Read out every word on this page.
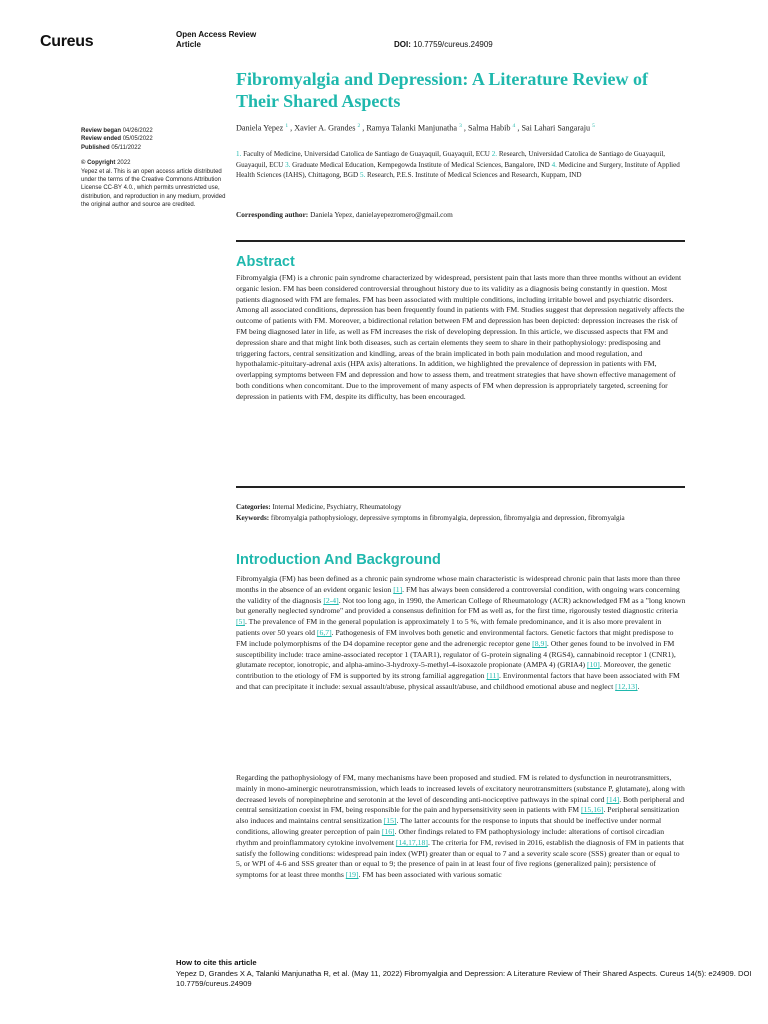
Cureus	Open Access Review
Article	DOI: 10.7759/cureus.24909
Review began 04/26/2022
Review ended 05/05/2022
Published 05/11/2022
© Copyright 2022
Yepez et al. This is an open access article distributed under the terms of the Creative Commons Attribution License CC-BY 4.0., which permits unrestricted use, distribution, and reproduction in any medium, provided the original author and source are credited.
Fibromyalgia and Depression: A Literature Review of Their Shared Aspects
Daniela Yepez $^1$ , Xavier A. Grandes $^2$ , Ramya Talanki Manjunatha $^3$ , Salma Habib $^4$ , Sai Lahari Sangaraju $^5$
1. Faculty of Medicine, Universidad Catolica de Santiago de Guayaquil, Guayaquil, ECU 2. Research, Universidad Catolica de Santiago de Guayaquil, Guayaquil, ECU 3. Graduate Medical Education, Kempegowda Institute of Medical Sciences, Bangalore, IND 4. Medicine and Surgery, Institute of Applied Health Sciences (IAHS), Chittagong, BGD 5. Research, P.E.S. Institute of Medical Sciences and Research, Kuppam, IND
Corresponding author: Daniela Yepez, danielayepezromero@gmail.com
Abstract

Fibromyalgia (FM) is a chronic pain syndrome characterized by widespread, persistent pain that lasts more than three months without an evident organic lesion. FM has been considered controversial throughout history due to its validity as a diagnosis being constantly in question. Most patients diagnosed with FM are females. FM has been associated with multiple conditions, including irritable bowel and psychiatric disorders. Among all associated conditions, depression has been frequently found in patients with FM. Studies suggest that depression negatively affects the outcome of patients with FM. Moreover, a bidirectional relation between FM and depression has been depicted: depression increases the risk of FM being diagnosed later in life, as well as FM increases the risk of developing depression. In this article, we discussed aspects that FM and depression share and that might link both diseases, such as certain elements they seem to share in their pathophysiology: predisposing and triggering factors, central sensitization and kindling, areas of the brain implicated in both pain modulation and mood regulation, and hypothalamic-pituitary-adrenal axis (HPA axis) alterations. In addition, we highlighted the prevalence of depression in patients with FM, overlapping symptoms between FM and depression and how to assess them, and treatment strategies that have shown effective management of both conditions when concomitant. Due to the improvement of many aspects of FM when depression is appropriately targeted, screening for depression in patients with FM, despite its difficulty, has been encouraged.

Categories: Internal Medicine, Psychiatry, Rheumatology
Keywords: fibromyalgia pathophysiology, depressive symptoms in fibromyalgia, depression, fibromyalgia and depression, fibromyalgia
Introduction And Background

Fibromyalgia (FM) has been defined as a chronic pain syndrome whose main characteristic is widespread chronic pain that lasts more than three months in the absence of an evident organic lesion [1]. FM has always been considered a controversial condition, with ongoing wars concerning the validity of the diagnosis [2-4]. Not too long ago, in 1990, the American College of Rheumatology (ACR) acknowledged FM as a "long known but generally neglected syndrome" and provided a consensus definition for FM as well as, for the first time, rigorously tested diagnostic criteria [5]. The prevalence of FM in the general population is approximately 1 to 5 %, with female predominance, and it is also more prevalent in patients over 50 years old [6,7]. Pathogenesis of FM involves both genetic and environmental factors. Genetic factors that might predispose to FM include polymorphisms of the D4 dopamine receptor gene and the adrenergic receptor gene [8,9]. Other genes found to be involved in FM susceptibility include: trace amine-associated receptor 1 (TAAR1), regulator of G-protein signaling 4 (RGS4), cannabinoid receptor 1 (CNR1), glutamate receptor, ionotropic, and alpha-amino-3-hydroxy-5-methyl-4-isoxazole propionate (AMPA 4) (GRIA4) [10]. Moreover, the genetic contribution to the etiology of FM is supported by its strong familial aggregation [11]. Environmental factors that have been associated with FM and that can precipitate it include: sexual assault/abuse, physical assault/abuse, and childhood emotional abuse and neglect [12,13].

Regarding the pathophysiology of FM, many mechanisms have been proposed and studied. FM is related to dysfunction in neurotransmitters, mainly in mono-aminergic neurotransmission, which leads to increased levels of excitatory neurotransmitters (substance P, glutamate), along with decreased levels of norepinephrine and serotonin at the level of descending anti-nociceptive pathways in the spinal cord [14]. Both peripheral and central sensitization coexist in FM, being responsible for the pain and hypersensitivity seen in patients with FM [15,16]. Peripheral sensitization also induces and maintains central sensitization [15]. The latter accounts for the response to inputs that should be ineffective under normal conditions, allowing greater perception of pain [16]. Other findings related to FM pathophysiology include: alterations of cortisol circadian rhythm and proinflammatory cytokine involvement [14,17,18]. The criteria for FM, revised in 2016, establish the diagnosis of FM in patients that satisfy the following conditions: widespread pain index (WPI) greater than or equal to 7 and a severity scale score (SSS) greater than or equal to 5, or WPI of 4-6 and SSS greater than or equal to 9; the presence of pain in at least four of five regions (generalized pain); persistence of symptoms for at least three months [19]. FM has been associated with various somatic

How to cite this article
Yepez D, Grandes X A, Talanki Manjunatha R, et al. (May 11, 2022) Fibromyalgia and Depression: A Literature Review of Their Shared Aspects. Cureus 14(5): e24909. DOI 10.7759/cureus.24909
